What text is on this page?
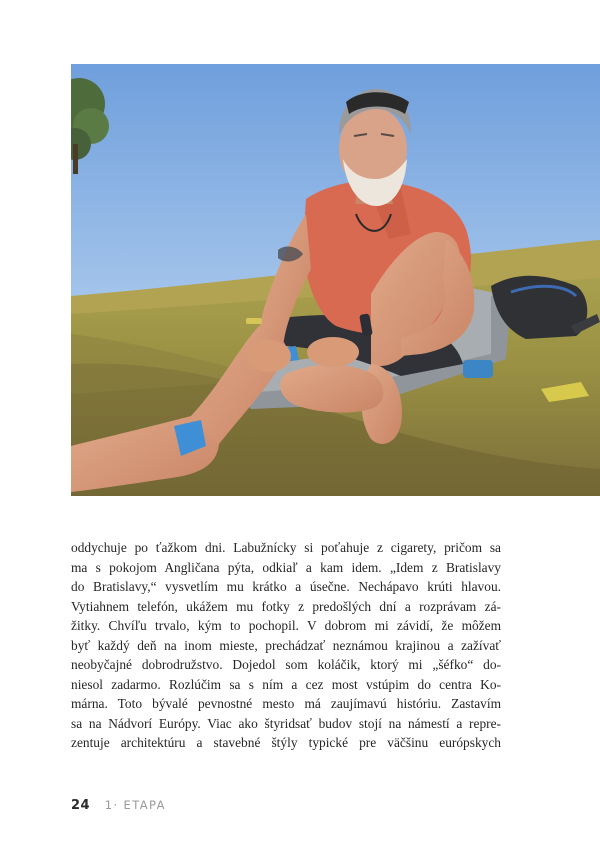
oddychuje po ťažkom dni. Labužnícky si poťahuje z cigarety, pričom sa
ma s pokojom Angličana pýta, odkiaľ a kam idem. „Idem z Bratislavy
do Bratislavy,“ vysvetlím mu krátko a úsečne. Nechápavo krúti hlavou.
Vytiahnem telefón, ukážem mu fotky z predošlých dní a rozprávam zá-
žitky. Chvíľu trvalo, kým to pochopil. V dobrom mi závidí, že môžem
byť každý deň na inom mieste, prechádzať neznámou krajinou a zažívať
neobyčajné dobrodružstvo. Dojedol som koláčik, ktorý mi „šéfko“ do-
niesol zadarmo. Rozlúčim sa s ním a cez most vstúpim do centra Ko-
márna. Toto bývalé pevnostné mesto má zaujímavú históriu. Zastavím
sa na Nádvorí Európy. Viac ako štyridsať budov stojí na námestí a repre-
zentuje architektúru a stavebné štýly typické pre väčšinu európskych
24 1· ETAPA
